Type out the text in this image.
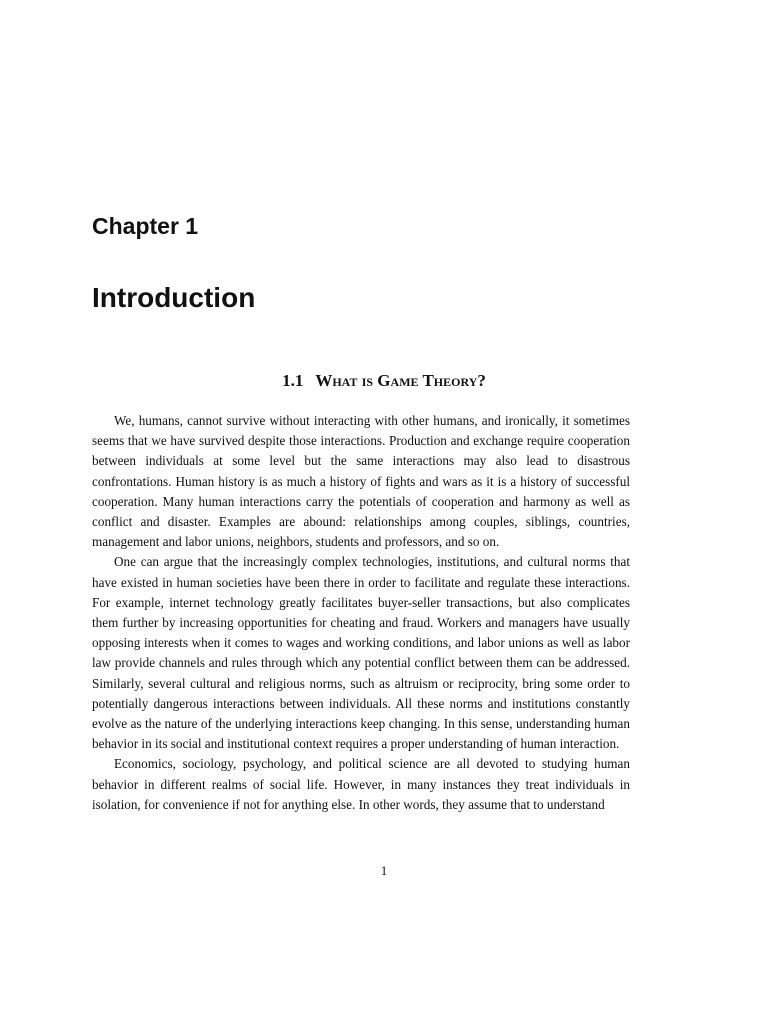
Chapter 1
Introduction
1.1 What is Game Theory?

We, humans, cannot survive without interacting with other humans, and ironically, it sometimes seems that we have survived despite those interactions. Production and exchange require cooperation between individuals at some level but the same interactions may also lead to disastrous confrontations. Human history is as much a history of fights and wars as it is a history of successful cooperation. Many human interactions carry the potentials of cooperation and harmony as well as conflict and disaster. Examples are abound: relationships among couples, siblings, countries, management and labor unions, neighbors, students and professors, and so on.

One can argue that the increasingly complex technologies, institutions, and cultural norms that have existed in human societies have been there in order to facilitate and regulate these interactions. For example, internet technology greatly facilitates buyer-seller transactions, but also complicates them further by increasing opportunities for cheating and fraud. Workers and managers have usually opposing interests when it comes to wages and working conditions, and labor unions as well as labor law provide channels and rules through which any potential conflict between them can be addressed. Similarly, several cultural and religious norms, such as altruism or reciprocity, bring some order to potentially dangerous interactions between individuals. All these norms and institutions constantly evolve as the nature of the underlying interactions keep changing. In this sense, understanding human behavior in its social and institutional context requires a proper understanding of human interaction.

Economics, sociology, psychology, and political science are all devoted to studying human behavior in different realms of social life. However, in many instances they treat individuals in isolation, for convenience if not for anything else. In other words, they assume that to understand

1
